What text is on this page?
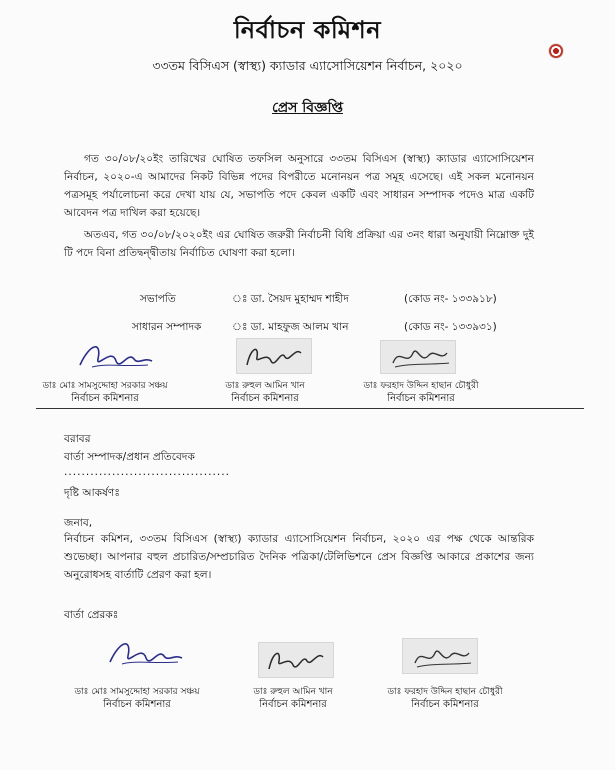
নির্বাচন কমিশন
৩৩তম বিসিএস (স্বাস্থ্য) ক্যাডার এ্যাসোসিয়েশন নির্বাচন, ২০২০
প্রেস বিজ্ঞপ্তি
গত ৩০/০৮/২০ইং তারিখের ঘোষিত তফসিল অনুসারে ৩৩তম বিসিএস (স্বাস্থ্য) ক্যাডার এ্যাসোসিয়েশন নির্বাচন, ২০২০-এ আমাদের নিকট বিভিন্ন পদের বিপরীতে মনোনয়ন পত্র সমূহ এসেছে। এই সকল মনোনয়ন পত্রসমূহ পর্যালোচনা করে দেখা যায় যে, সভাপতি পদে কেবল একটি এবং সাধারন সম্পাদক পদেও মাত্র একটি আবেদন পত্র দাখিল করা হয়েছে।
অতএব, গত ৩০/০৮/২০২০ইং এর ঘোষিত জরুরী নির্বাচনী বিধি প্রক্রিয়া এর ৩নং ধারা অনুযায়ী নিম্নোক্ত দুই টি পদে বিনা প্রতিদ্বন্দ্বীতায় নির্বাচিত ঘোষণা করা হলো।
সভাপতি	ঃ ডা. সৈয়দ মুহাম্মদ শাহীদ	(কোড নং- ১৩৩৯১৮)
সাধারন সম্পাদক	ঃ ডা. মাহফুজ আলম খান	(কোড নং- ১৩৩৯৩১)
ডাঃ মোঃ সামসুদ্দোহা সরকার সঞ্চয়
নির্বাচন কমিশনার
ডাঃ রুহুল আমিন খান
নির্বাচন কমিশনার
ডাঃ ফরহাদ উদ্দিন হাছান চৌধুরী
নির্বাচন কমিশনার
বরাবর
বার্তা সম্পাদক/প্রধান প্রতিবেদক
......................................
দৃষ্টি আকর্ষণঃ
জনাব,
নির্বাচন কমিশন, ৩৩তম বিসিএস (স্বাস্থ্য) ক্যাডার এ্যাসোসিয়েশন নির্বাচন, ২০২০ এর পক্ষ থেকে আন্তরিক শুভেচ্ছা। আপনার বহুল প্রচারিত/সম্প্রচারিত দৈনিক পত্রিকা/টেলিভিশনে প্রেস বিজ্ঞপ্তি আকারে প্রকাশের জন্য অনুরোধসহ বার্তাটি প্রেরণ করা হল।
বার্তা প্রেরকঃ
ডাঃ মোঃ সামসুদ্দোহা সরকার সঞ্চয়
নির্বাচন কমিশনার
ডাঃ রুহুল আমিন খান
নির্বাচন কমিশনার
ডাঃ ফরহাদ উদ্দিন হাছান চৌধুরী
নির্বাচন কমিশনার
